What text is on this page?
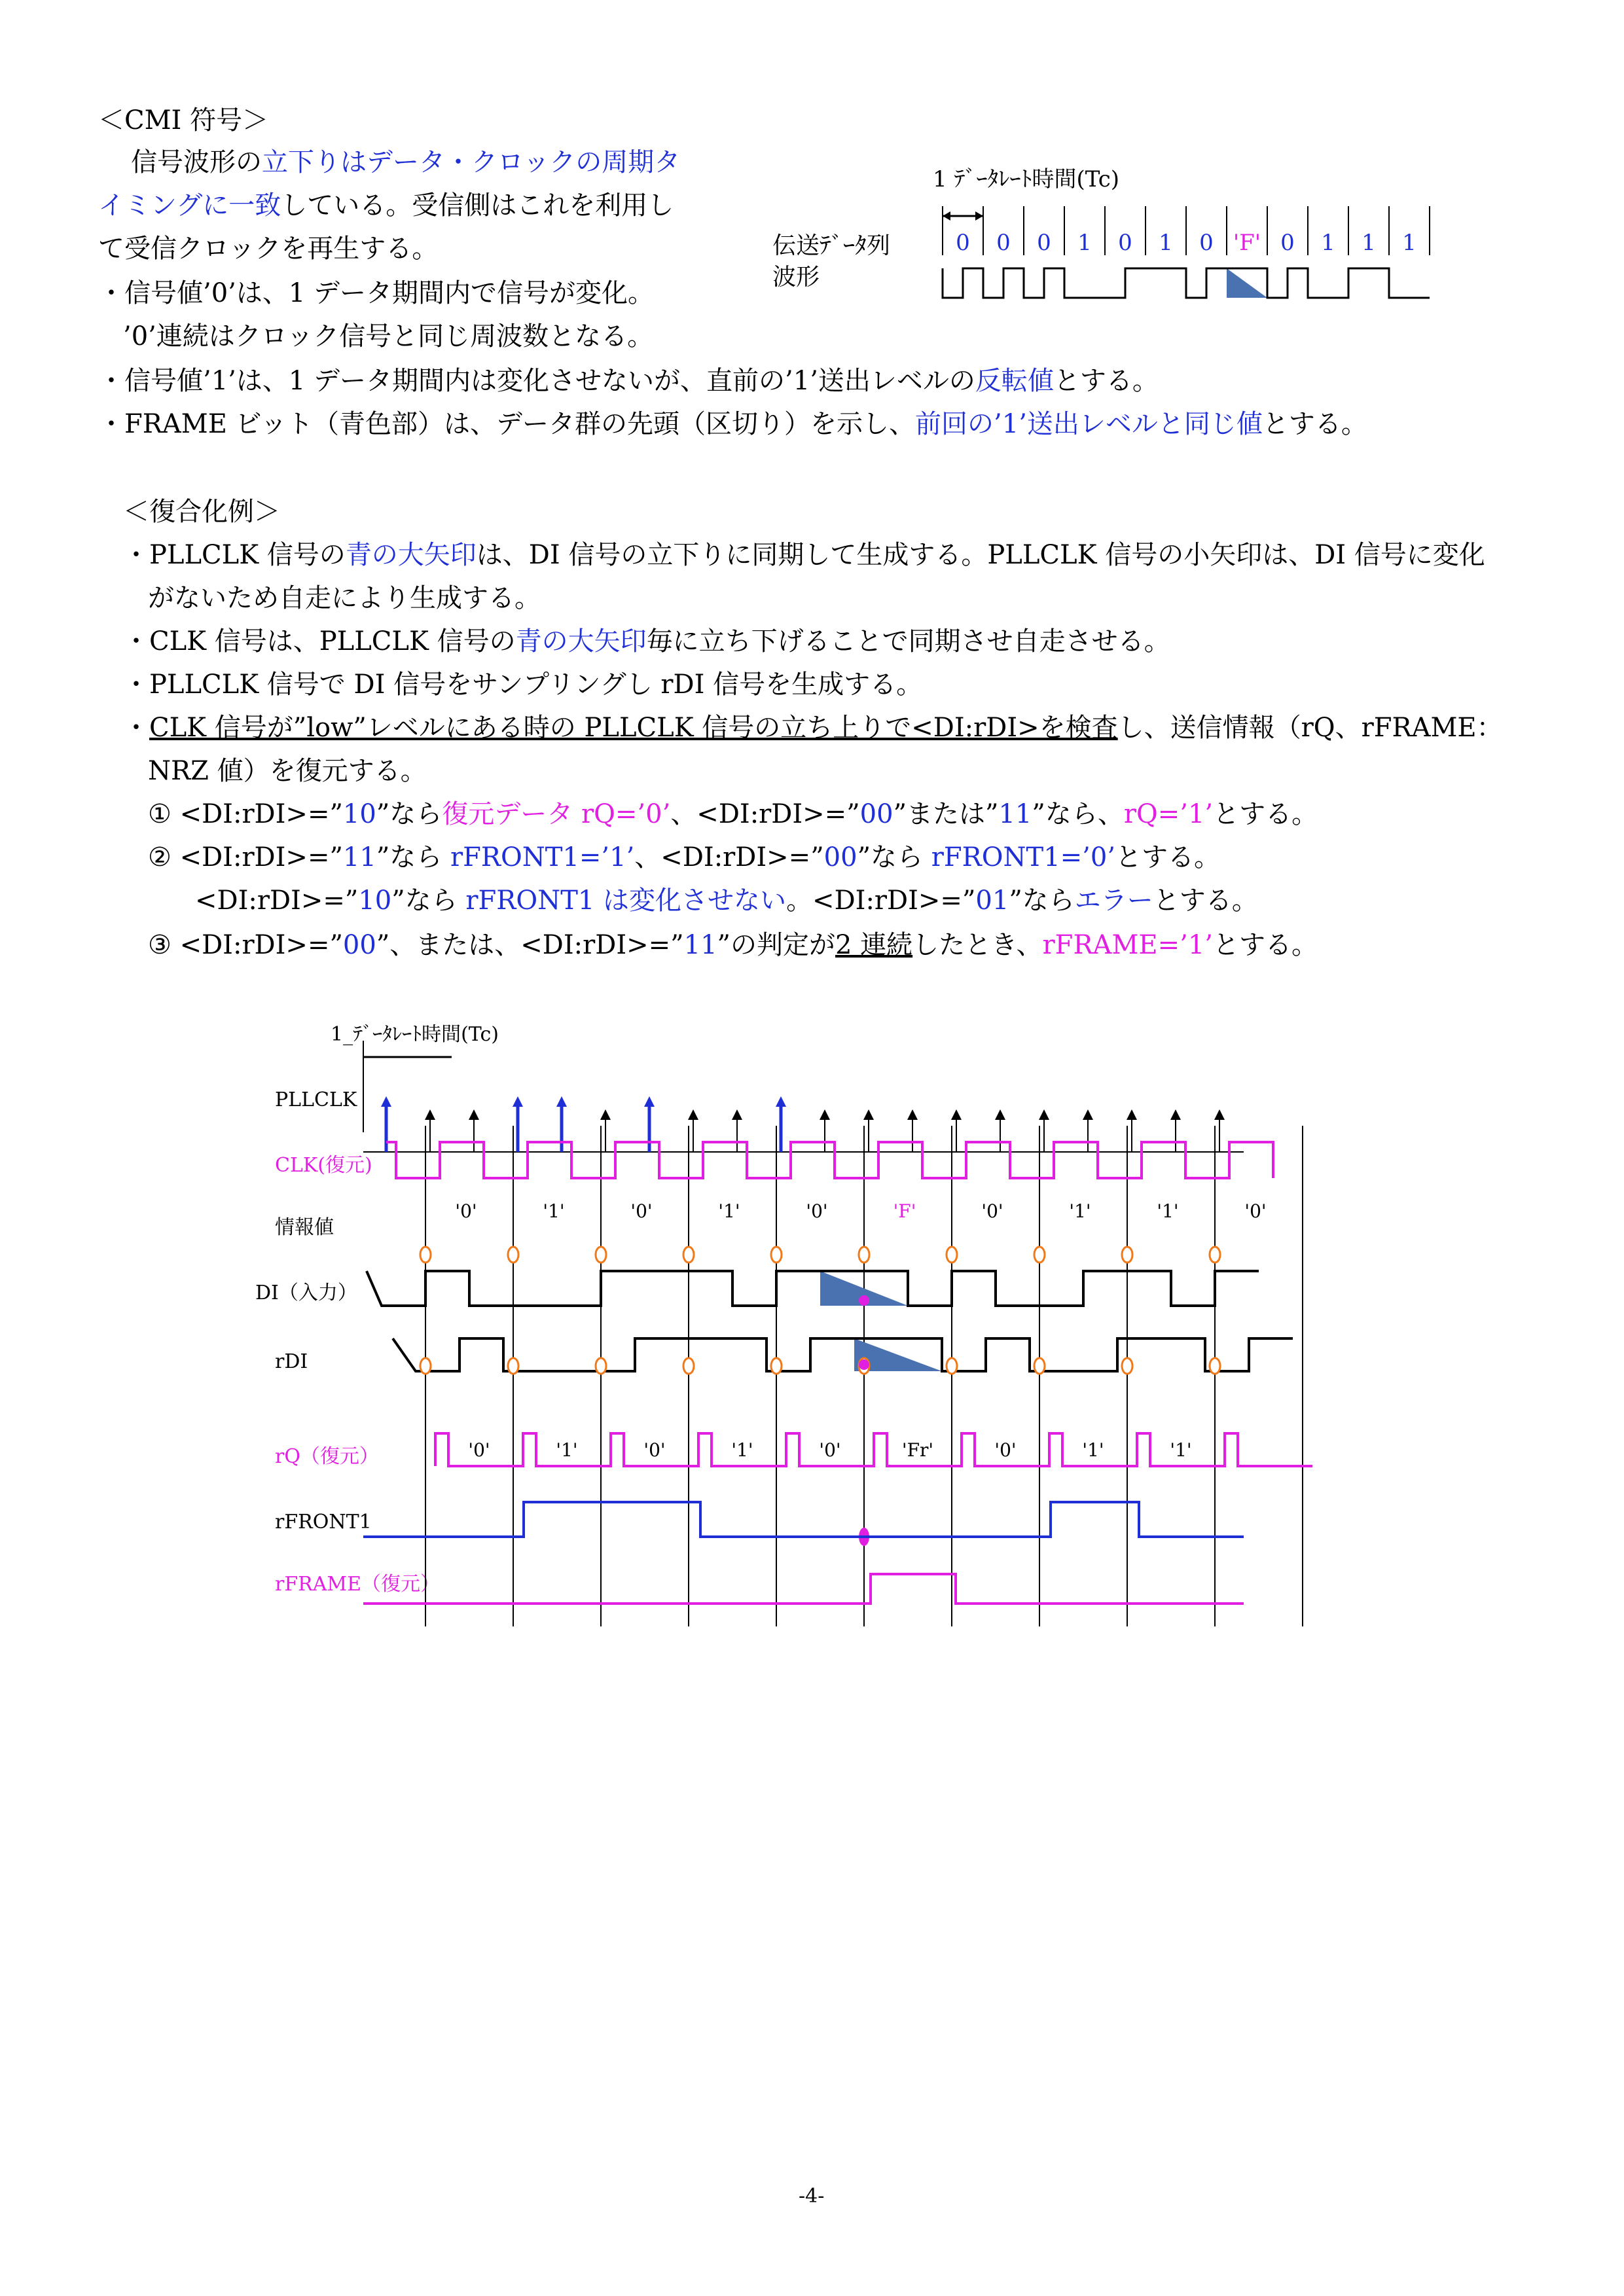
＜CMI 符号＞
信号波形の立下りはデータ・クロックの周期タ
イミングに一致している。受信側はこれを利用し
て受信クロックを再生する。
・信号値’0’は、1 データ期間内で信号が変化。
’0’連続はクロック信号と同じ周波数となる。
・信号値’1’は、1 データ期間内は変化させないが、直前の’1’送出レベルの反転値とする。
・FRAME ビット（青色部）は、データ群の先頭（区切り）を示し、前回の’1’送出レベルと同じ値とする。
1 ﾃﾞｰﾀﾚｰﾄ時間(Tc)
伝送ﾃﾞｰﾀ列
波形
0 0 0 1 0 1 0 'F' 0 1 1 1
＜復合化例＞
・PLLCLK 信号の青の大矢印は、DI 信号の立下りに同期して生成する。PLLCLK 信号の小矢印は、DI 信号に変化
がないため自走により生成する。
・CLK 信号は、PLLCLK 信号の青の大矢印毎に立ち下げることで同期させ自走させる。
・PLLCLK 信号で DI 信号をサンプリングし rDI 信号を生成する。
・CLK 信号が”low”レベルにある時の PLLCLK 信号の立ち上りで<DI:rDI>を検査し、送信情報（rQ、rFRAME：
NRZ 値）を復元する。
① <DI:rDI>=”10”なら復元データ rQ=’0’、<DI:rDI>=”00”または”11”なら、rQ=’1’とする。
② <DI:rDI>=”11”なら rFRONT1=’1’、<DI:rDI>=”00”なら rFRONT1=’0’とする。
<DI:rDI>=”10”なら rFRONT1 は変化させない。<DI:rDI>=”01”ならエラーとする。
③ <DI:rDI>=”00”、または、<DI:rDI>=”11”の判定が2 連続したとき、rFRAME=’1’とする。
1_ﾃﾞｰﾀﾚｰﾄ時間(Tc)
PLLCLK
CLK(復元)
情報値
DI（入力）
rDI
rQ（復元）
rFRONT1
rFRAME（復元）
'0'	'1'	'0'	'1'	'0'	'F'	'0'	'1'	'1'	'0'
'0'	'1'	'0'	'1'	'0'	'Fr'	'0'	'1'	'1'
-4-
